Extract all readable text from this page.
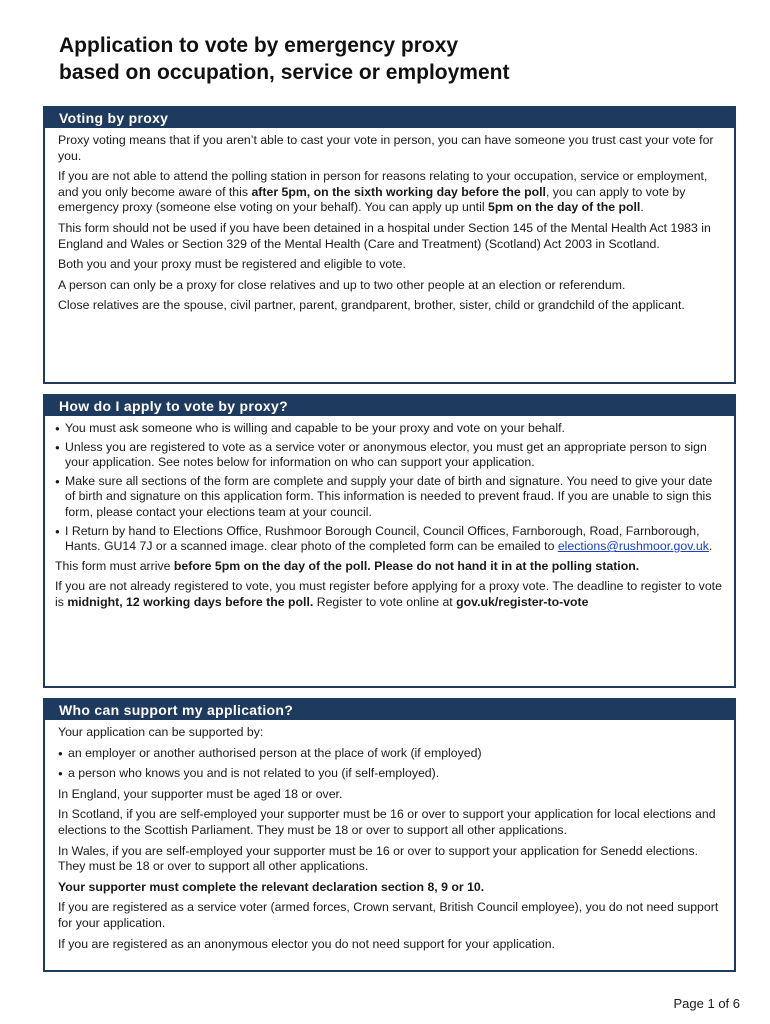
Application to vote by emergency proxy
based on occupation, service or employment
Voting by proxy

Proxy voting means that if you aren’t able to cast your vote in person, you can have someone you trust cast your vote for you.

If you are not able to attend the polling station in person for reasons relating to your occupation, service or employment, and you only become aware of this after 5pm, on the sixth working day before the poll, you can apply to vote by emergency proxy (someone else voting on your behalf). You can apply up until 5pm on the day of the poll.

This form should not be used if you have been detained in a hospital under Section 145 of the Mental Health Act 1983 in England and Wales or Section 329 of the Mental Health (Care and Treatment) (Scotland) Act 2003 in Scotland.

Both you and your proxy must be registered and eligible to vote.

A person can only be a proxy for close relatives and up to two other people at an election or referendum.

Close relatives are the spouse, civil partner, parent, grandparent, brother, sister, child or grandchild of the applicant.

How do I apply to vote by proxy?
● You must ask someone who is willing and capable to be your proxy and vote on your behalf.
● Unless you are registered to vote as a service voter or anonymous elector, you must get an appropriate person to sign your application. See notes below for information on who can support your application.
● Make sure all sections of the form are complete and supply your date of birth and signature. You need to give your date of birth and signature on this application form. This information is needed to prevent fraud. If you are unable to sign this form, please contact your elections team at your council.
● I Return by hand to Elections Office, Rushmoor Borough Council, Council Offices, Farnborough, Road, Farnborough, Hants. GU14 7J or a scanned image. clear photo of the completed form can be emailed to elections@rushmoor.gov.uk.

This form must arrive before 5pm on the day of the poll. Please do not hand it in at the polling station.

If you are not already registered to vote, you must register before applying for a proxy vote. The deadline to register to vote is midnight, 12 working days before the poll. Register to vote online at gov.uk/register-to-vote

Who can support my application?

Your application can be supported by:

● an employer or another authorised person at the place of work (if employed)
● a person who knows you and is not related to you (if self-employed).

In England, your supporter must be aged 18 or over.

In Scotland, if you are self-employed your supporter must be 16 or over to support your application for local elections and elections to the Scottish Parliament. They must be 18 or over to support all other applications.

In Wales, if you are self-employed your supporter must be 16 or over to support your application for Senedd elections. They must be 18 or over to support all other applications.

Your supporter must complete the relevant declaration section 8, 9 or 10.

If you are registered as a service voter (armed forces, Crown servant, British Council employee), you do not need support for your application.

If you are registered as an anonymous elector you do not need support for your application.

Page 1 of 6
